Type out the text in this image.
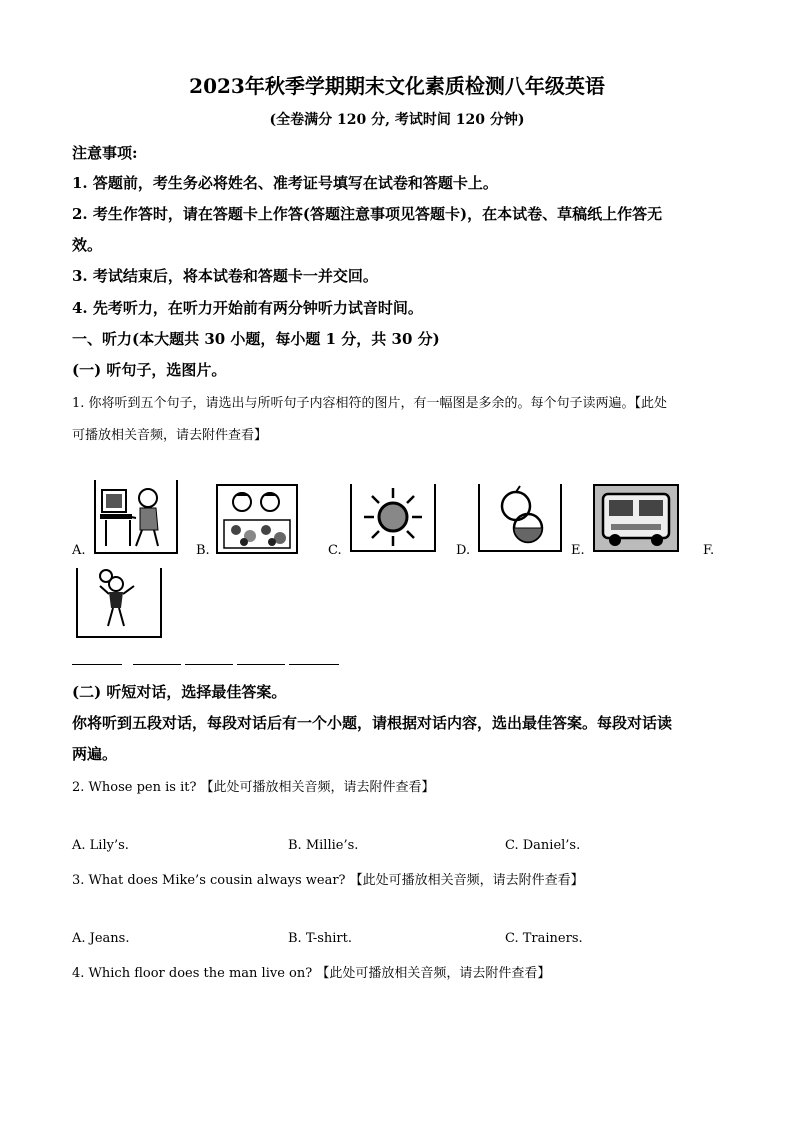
2023年秋季学期期末文化素质检测八年级英语
(全卷满分 120 分, 考试时间 120 分钟)
注意事项:
1. 答题前，考生务必将姓名、准考证号填写在试卷和答题卡上。
2. 考生作答时，请在答题卡上作答(答题注意事项见答题卡)，在本试卷、草稿纸上作答无
效。
3. 考试结束后，将本试卷和答题卡一并交回。
4. 先考听力，在听力开始前有两分钟听力试音时间。
一、听力(本大题共 30 小题，每小题 1 分，共 30 分)
(一) 听句子，选图片。
1. 你将听到五个句子，请选出与所听句子内容相符的图片，有一幅图是多余的。每个句子读两遍。【此处
可播放相关音频，请去附件查看】
A.	B.	C.	D.	E.	F.
(二) 听短对话，选择最佳答案。
你将听到五段对话，每段对话后有一个小题，请根据对话内容，选出最佳答案。每段对话读
两遍。
2. Whose pen is it? 【此处可播放相关音频，请去附件查看】
A. Lily’s.	B. Millie’s.	C. Daniel’s.
3. What does Mike’s cousin always wear? 【此处可播放相关音频，请去附件查看】
A. Jeans.	B. T-shirt.	C. Trainers.
4. Which floor does the man live on? 【此处可播放相关音频，请去附件查看】
